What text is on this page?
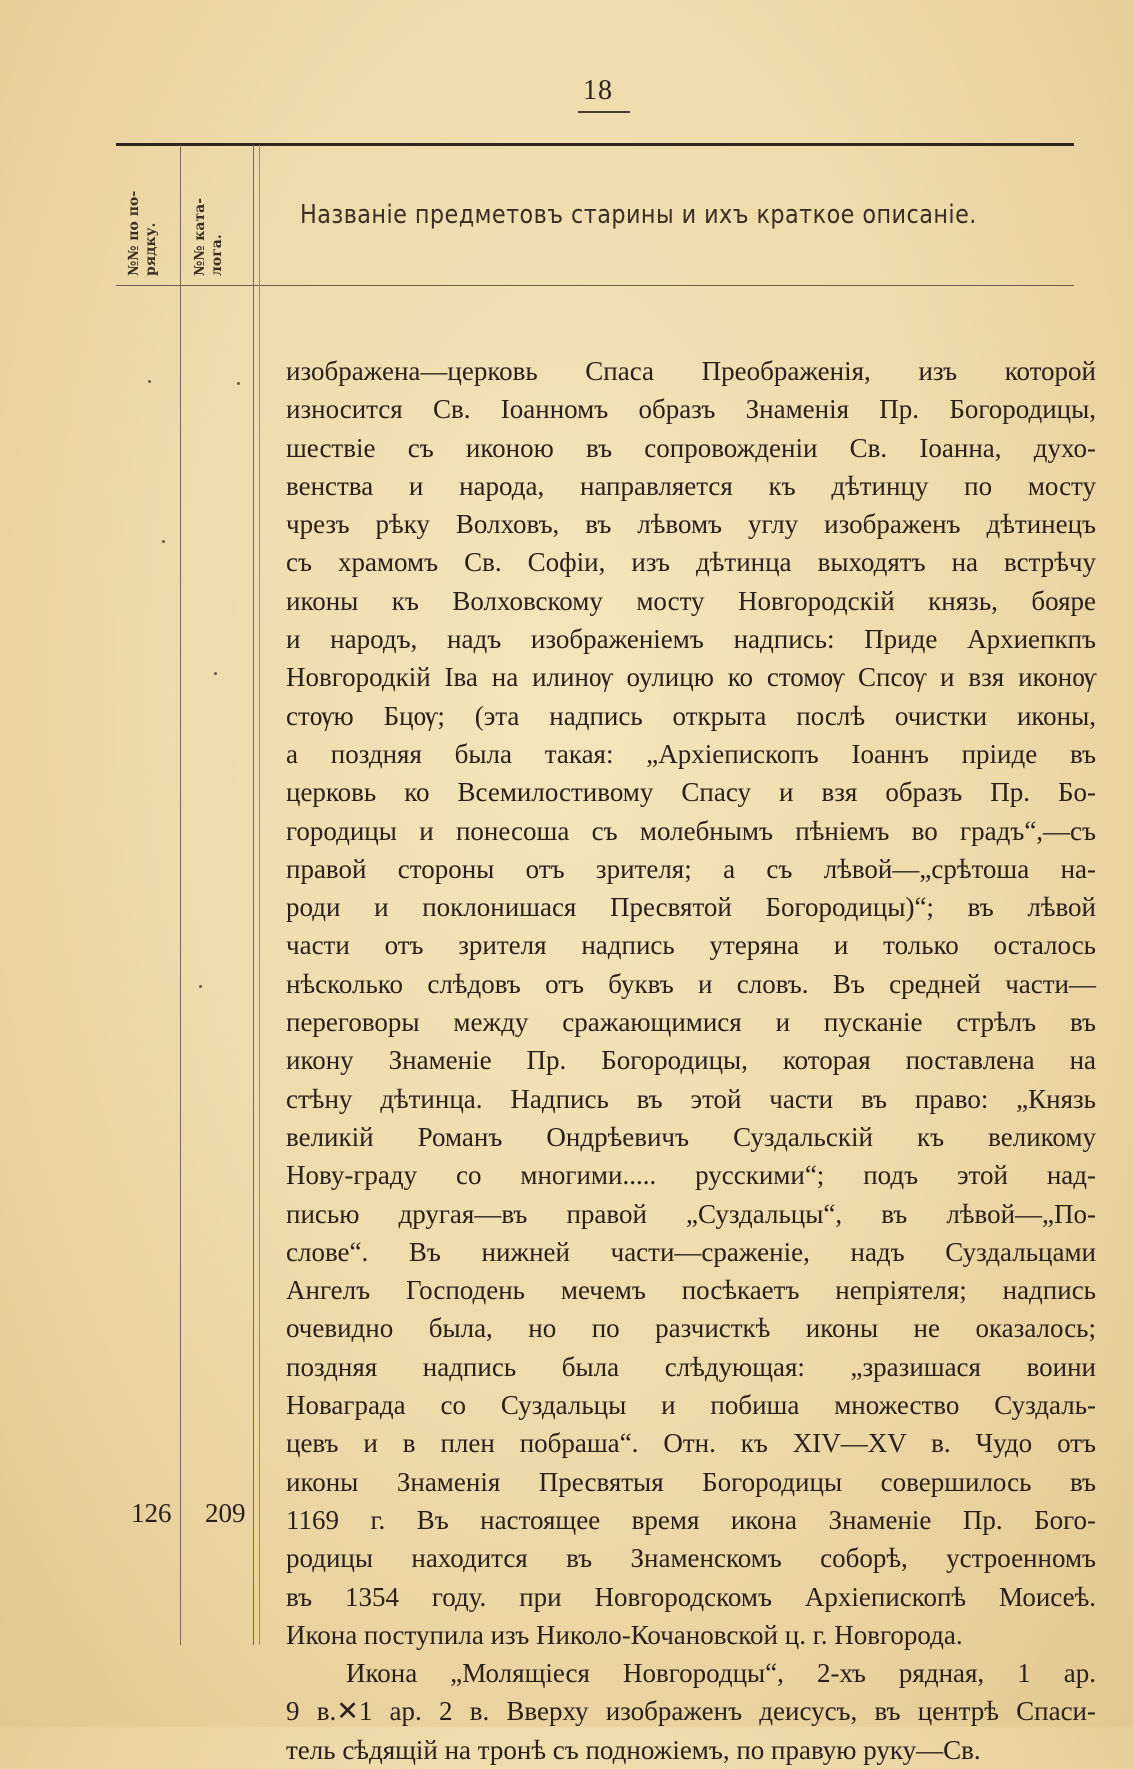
18
№№ по по-
рядку. №№ ката-
лога.
Названіе предметовъ старины и ихъ краткое описаніе.
126 209
изображена—церковь Спаса Преображенія, изъ которой
износится Св. Іоанномъ образъ Знаменія Пр. Богородицы,
шествіе съ иконою въ сопровожденіи Св. Іоанна, духо-
венства и народа, направляется къ дѣтинцу по мосту
чрезъ рѣку Волховъ, въ лѣвомъ углу изображенъ дѣтинецъ
съ храмомъ Св. Софіи, изъ дѣтинца выходятъ на встрѣчу
иконы къ Волховскому мосту Новгородскій князь, бояре
и народъ, надъ изображеніемъ надпись: Приде Архиепкпъ
Новгородкій Іва на илинѹ оулицю ко стомѹ Спсѹ и взя иконѹ
стѹю Бцѹ; (эта надпись открыта послѣ очистки иконы,
а поздняя была такая: „Архіепископъ Іоаннъ пріиде въ
церковь ко Всемилостивому Спасу и взя образъ Пр. Бо-
городицы и понесоша съ молебнымъ пѣніемъ во градъ“,—съ
правой стороны отъ зрителя; а съ лѣвой—„срѣтоша на-
роди и поклонишася Пресвятой Богородицы)“; въ лѣвой
части отъ зрителя надпись утеряна и только осталось
нѣсколько слѣдовъ отъ буквъ и словъ. Въ средней части—
переговоры между сражающимися и пусканіе стрѣлъ въ
икону Знаменіе Пр. Богородицы, которая поставлена на
стѣну дѣтинца. Надпись въ этой части въ право: „Князь
великій Романъ Ондрѣевичъ Суздальскій къ великому
Нову-граду со многими..... русскими“; подъ этой над-
писью другая—въ правой „Суздальцы“, въ лѣвой—„По-
слове“. Въ нижней части—сраженіе, надъ Суздальцами
Ангелъ Господень мечемъ посѣкаетъ непріятеля; надпись
очевидно была, но по разчисткѣ иконы не оказалось;
поздняя надпись была слѣдующая: „зразишася воини
Новаграда со Суздальцы и побиша множество Суздаль-
цевъ и в плен побраша“. Отн. къ XIV—XV в. Чудо отъ
иконы Знаменія Пресвятыя Богородицы совершилось въ
1169 г. Въ настоящее время икона Знаменіе Пр. Бого-
родицы находится въ Знаменскомъ соборѣ, устроенномъ
въ 1354 году. при Новгородскомъ Архіепископѣ Моисеѣ.
Икона поступила изъ Николо-Кочановской ц. г. Новгорода.
Икона „Молящіеся Новгородцы“, 2-хъ рядная, 1 ар.
9 в.✕1 ар. 2 в. Вверху изображенъ деисусъ, въ центрѣ Спаси-
тель сѣдящій на тронѣ съ подножіемъ, по правую руку—Св.
